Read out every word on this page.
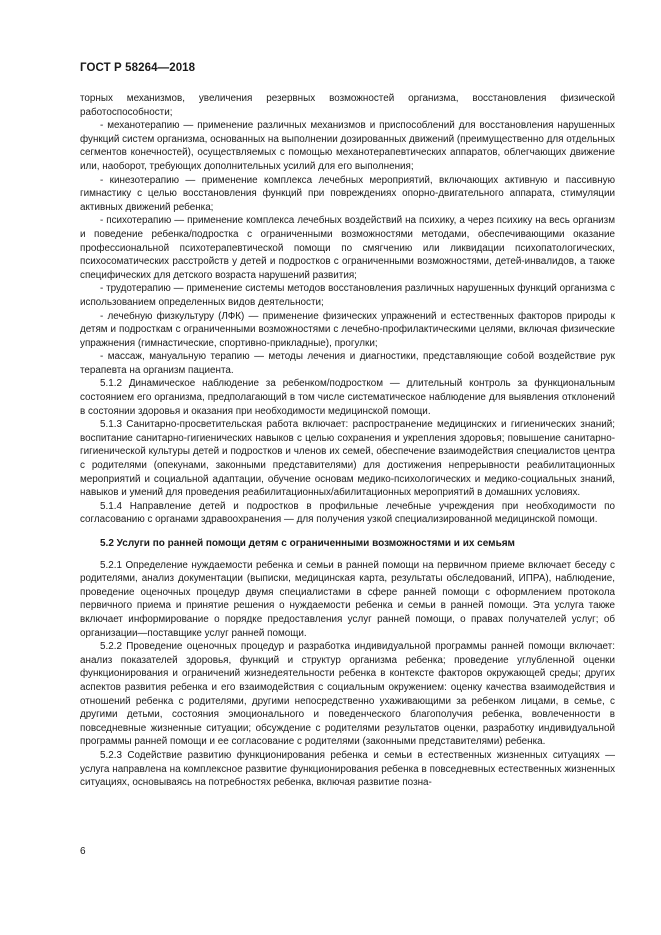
ГОСТ Р 58264—2018

торных механизмов, увеличения резервных возможностей организма, восстановления физической работоспособности;

- механотерапию — применение различных механизмов и приспособлений для восстановления нарушенных функций систем организма, основанных на выполнении дозированных движений (преимущественно для отдельных сегментов конечностей), осуществляемых с помощью механотерапевтических аппаратов, облегчающих движение или, наоборот, требующих дополнительных усилий для его выполнения;

- кинезотерапию — применение комплекса лечебных мероприятий, включающих активную и пассивную гимнастику с целью восстановления функций при повреждениях опорно-двигательного аппарата, стимуляции активных движений ребенка;

- психотерапию — применение комплекса лечебных воздействий на психику, а через психику на весь организм и поведение ребенка/подростка с ограниченными возможностями методами, обеспечивающими оказание профессиональной психотерапевтической помощи по смягчению или ликвидации психопатологических, психосоматических расстройств у детей и подростков с ограниченными возможностями, детей-инвалидов, а также специфических для детского возраста нарушений развития;

- трудотерапию — применение системы методов восстановления различных нарушенных функций организма с использованием определенных видов деятельности;

- лечебную физкультуру (ЛФК) — применение физических упражнений и естественных факторов природы к детям и подросткам с ограниченными возможностями с лечебно-профилактическими целями, включая физические упражнения (гимнастические, спортивно-прикладные), прогулки;

- массаж, мануальную терапию — методы лечения и диагностики, представляющие собой воздействие рук терапевта на организм пациента.

5.1.2 Динамическое наблюдение за ребенком/подростком — длительный контроль за функциональным состоянием его организма, предполагающий в том числе систематическое наблюдение для выявления отклонений в состоянии здоровья и оказания при необходимости медицинской помощи.

5.1.3 Санитарно-просветительская работа включает: распространение медицинских и гигиенических знаний; воспитание санитарно-гигиенических навыков с целью сохранения и укрепления здоровья; повышение санитарно-гигиенической культуры детей и подростков и членов их семей, обеспечение взаимодействия специалистов центра с родителями (опекунами, законными представителями) для достижения непрерывности реабилитационных мероприятий и социальной адаптации, обучение основам медико-психологических и медико-социальных знаний, навыков и умений для проведения реабилитационных/абилитационных мероприятий в домашних условиях.

5.1.4 Направление детей и подростков в профильные лечебные учреждения при необходимости по согласованию с органами здравоохранения — для получения узкой специализированной медицинской помощи.

5.2 Услуги по ранней помощи детям с ограниченными возможностями и их семьям

5.2.1 Определение нуждаемости ребенка и семьи в ранней помощи на первичном приеме включает беседу с родителями, анализ документации (выписки, медицинская карта, результаты обследований, ИПРА), наблюдение, проведение оценочных процедур двумя специалистами в сфере ранней помощи с оформлением протокола первичного приема и принятие решения о нуждаемости ребенка и семьи в ранней помощи. Эта услуга также включает информирование о порядке предоставления услуг ранней помощи, о правах получателей услуг; об организации—поставщике услуг ранней помощи.

5.2.2 Проведение оценочных процедур и разработка индивидуальной программы ранней помощи включает: анализ показателей здоровья, функций и структур организма ребенка; проведение углубленной оценки функционирования и ограничений жизнедеятельности ребенка в контексте факторов окружающей среды; других аспектов развития ребенка и его взаимодействия с социальным окружением: оценку качества взаимодействия и отношений ребенка с родителями, другими непосредственно ухаживающими за ребенком лицами, в семье, с другими детьми, состояния эмоционального и поведенческого благополучия ребенка, вовлеченности в повседневные жизненные ситуации; обсуждение с родителями результатов оценки, разработку индивидуальной программы ранней помощи и ее согласование с родителями (законными представителями) ребенка.

5.2.3 Содействие развитию функционирования ребенка и семьи в естественных жизненных ситуациях — услуга направлена на комплексное развитие функционирования ребенка в повседневных естественных жизненных ситуациях, основываясь на потребностях ребенка, включая развитие позна-

6
